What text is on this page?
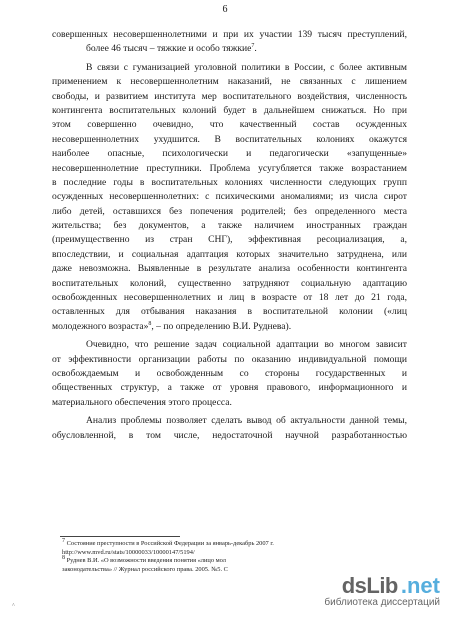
6
совершенных несовершеннолетними и при их участии 139 тысяч преступлений,
более 46 тысяч – тяжкие и особо тяжкие$^7$.
В связи с гуманизацией уголовной политики в России, с более активным
применением к несовершеннолетним наказаний, не связанных с лишением
свободы, и развитием института мер воспитательного воздействия, численность
контингента воспитательных колоний будет в дальнейшем снижаться. Но при
этом совершенно очевидно, что качественный состав осужденных
несовершеннолетних ухудшится. В воспитательных колониях окажутся
наиболее опасные, психологически и педагогически «запущенные»
несовершеннолетние преступники. Проблема усугубляется также возрастанием
в последние годы в воспитательных колониях численности следующих групп
осужденных несовершеннолетних: с психическими аномалиями; из числа сирот
либо детей, оставшихся без попечения родителей; без определенного места
жительства; без документов, а также наличием иностранных граждан
(преимущественно из стран СНГ), эффективная ресоциализация, а,
впоследствии, и социальная адаптация которых значительно затруднена, или
даже невозможна. Выявленные в результате анализа особенности контингента
воспитательных колоний, существенно затрудняют социальную адаптацию
освобожденных несовершеннолетних и лиц в возрасте от 18 лет до 21 года,
оставленных для отбывания наказания в воспитательной колонии («лиц
молодежного возраста»$^8$, – по определению В.И. Руднева).
Очевидно, что решение задач социальной адаптации во многом зависит
от эффективности организации работы по оказанию индивидуальной помощи
освобождаемым и освобожденным со стороны государственных и
общественных структур, а также от уровня правового, информационного и
материального обеспечения этого процесса.
Анализ проблемы позволяет сделать вывод об актуальности данной темы,
обусловленной, в том числе, недостаточной научной разработанностью
$^7$ Состояние преступности в Российской Федерации за январь-декабрь 2007 г.
http://www.mvd.ru/stats/10000033/10000147/5194/
$^8$ Руднев В.И. «О возможности введения понятия «лицо мол
законодательства» // Журнал российского права. 2005. №5. С
dsLib .net
библиотека диссертаций
^
